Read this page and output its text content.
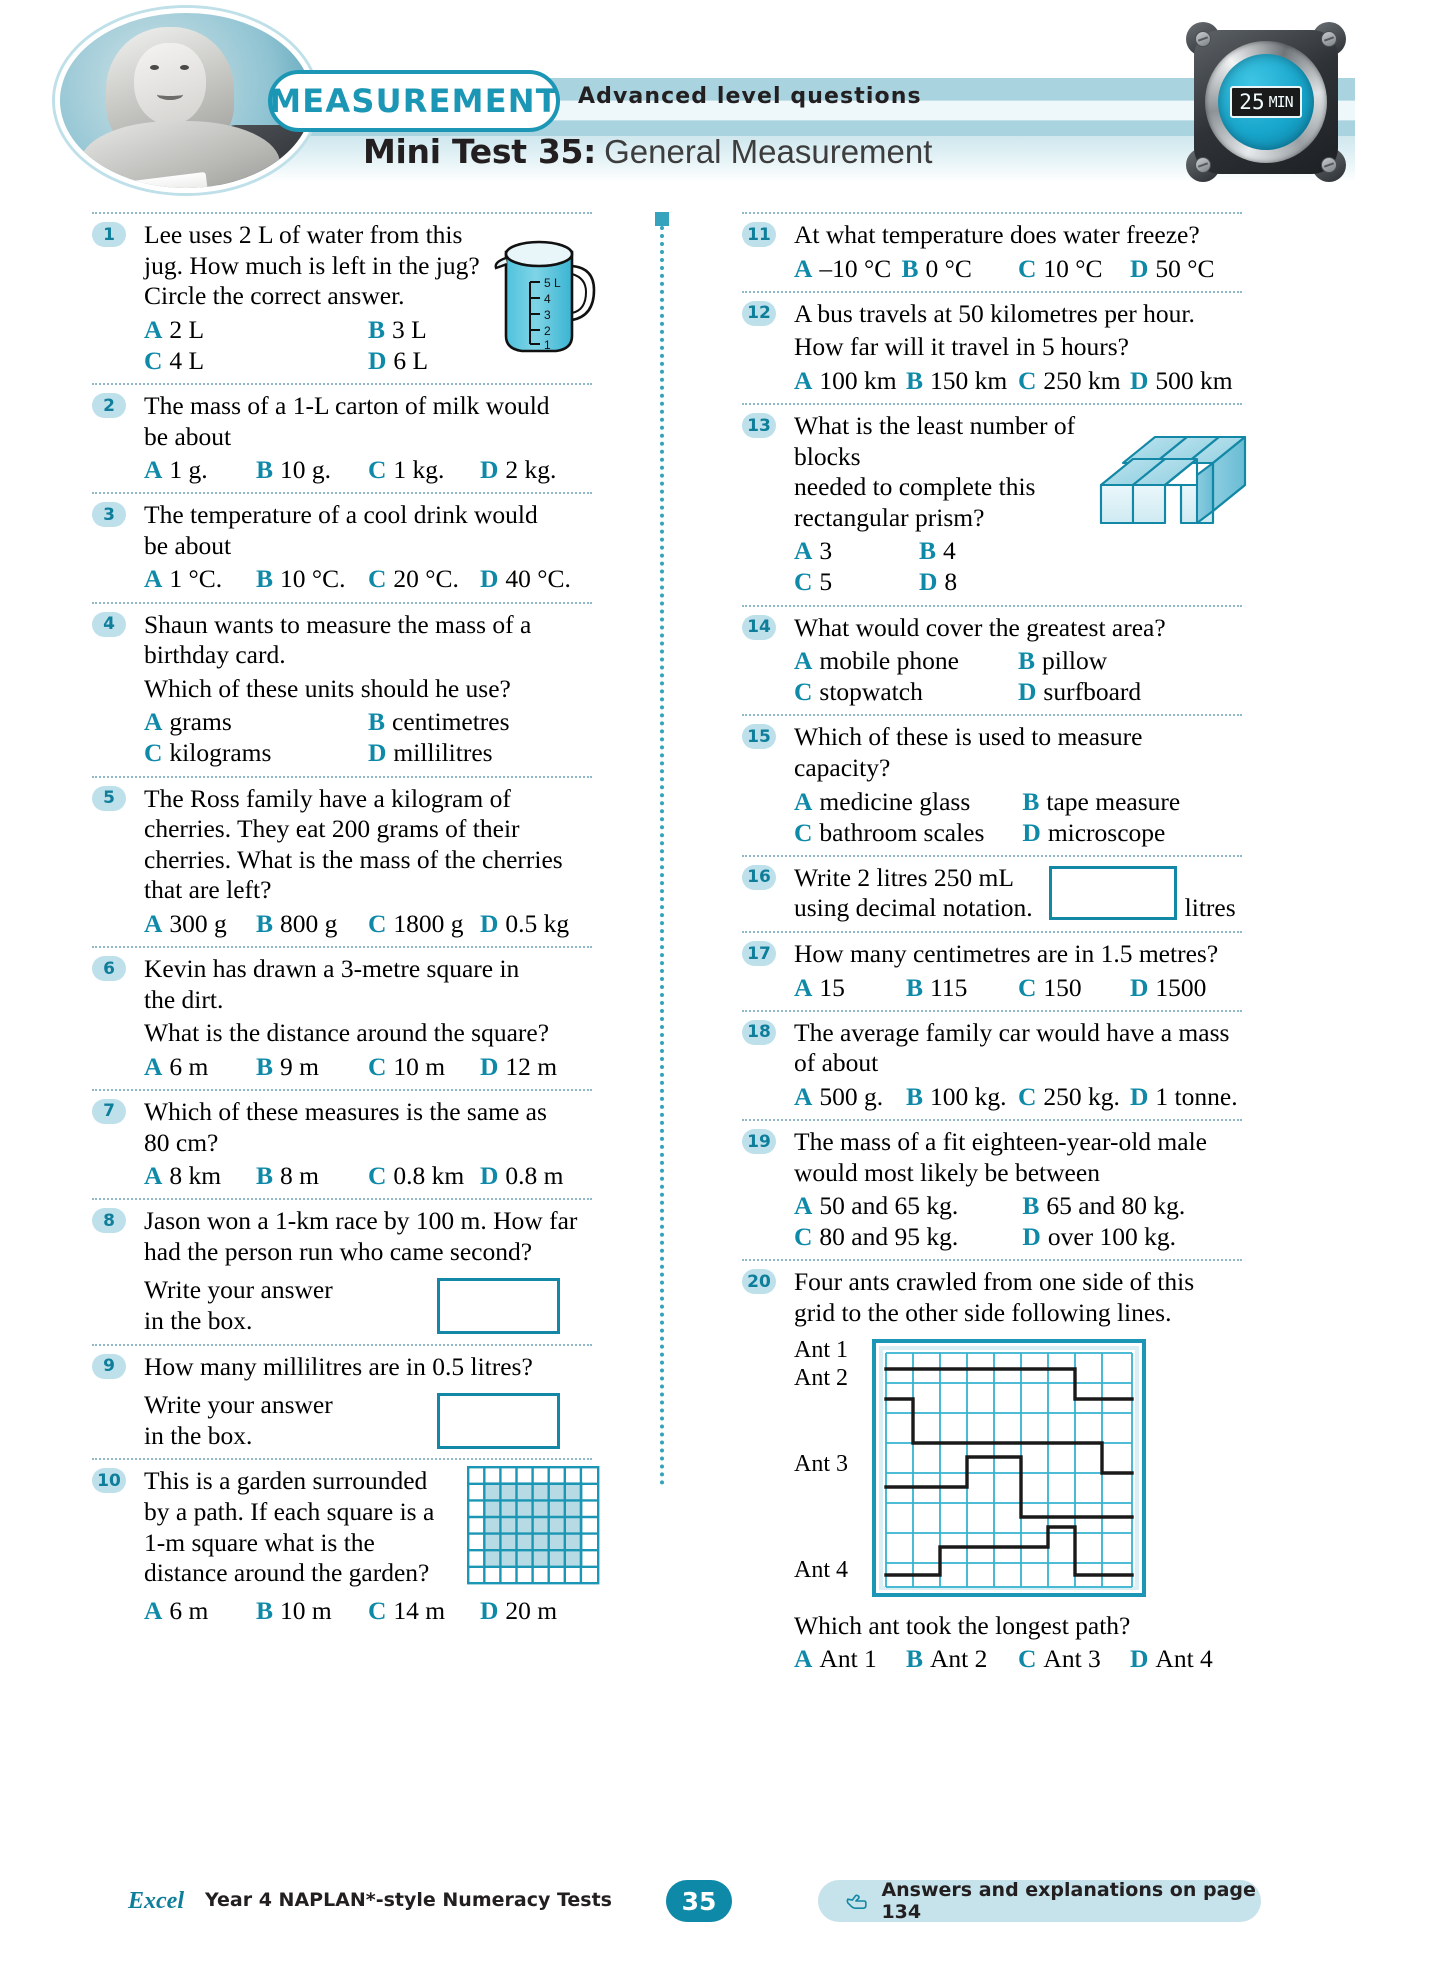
MEASUREMENT Advanced level questions
Mini Test 35: General Measurement
25 MIN
1	Lee uses 2 L of water from this
jug. How much is left in the jug?
Circle the correct answer.
A 2 L	B 3 L
C 4 L	D 6 L
5 L
4
3
2
1
2	The mass of a 1-L carton of milk would
be about
A 1 g. B 10 g. C 1 kg. D 2 kg.
3	The temperature of a cool drink would
be about
A 1 °C. B 10 °C. C 20 °C. D 40 °C.
4	Shaun wants to measure the mass of a
birthday card.
Which of these units should he use?
A grams	B centimetres
C kilograms	D millilitres
5	The Ross family have a kilogram of
cherries. They eat 200 grams of their
cherries. What is the mass of the cherries
that are left?
A 300 g B 800 g C 1800 g D 0.5 kg
6	Kevin has drawn a 3-metre square in
the dirt.
What is the distance around the square?
A 6 m B 9 m C 10 m D 12 m
7	Which of these measures is the same as
80 cm?
A 8 km B 8 m C 0.8 km D 0.8 m
8	Jason won a 1-km race by 100 m. How far
had the person run who came second?
Write your answer
in the box.
9	How many millilitres are in 0.5 litres?
Write your answer
in the box.
10 This is a garden surrounded
by a path. If each square is a
1-m square what is the
distance around the garden?
A 6 m B 10 m C 14 m D 20 m
11 At what temperature does water freeze?
A –10 °C B 0 °C C 10 °C D 50 °C
12 A bus travels at 50 kilometres per hour.
How far will it travel in 5 hours?
A 100 km B 150 km C 250 km D 500 km
13 What is the least number of blocks
needed to complete this
rectangular prism?
A 3	B 4
C 5	D 8
14 What would cover the greatest area?
A mobile phone B pillow
C stopwatch	D surfboard
15 Which of these is used to measure
capacity?
A medicine glass B tape measure
C bathroom scales D microscope
16 Write 2 litres 250 mL
using decimal notation.	litres
17 How many centimetres are in 1.5 metres?
A 15 B 115 C 150 D 1500
18 The average family car would have a mass
of about
A 500 g. B 100 kg. C 250 kg. D 1 tonne.
19 The mass of a fit eighteen-year-old male
would most likely be between
A 50 and 65 kg.	B 65 and 80 kg.
C 80 and 95 kg.	D over 100 kg.
20 Four ants crawled from one side of this
grid to the other side following lines.
Ant 1
Ant 2
Ant 3
Ant 4
Which ant took the longest path?
A Ant 1 B Ant 2 C Ant 3 D Ant 4
Excel Year 4 NAPLAN*-style Numeracy Tests	35	Answers and explanations on page 134
